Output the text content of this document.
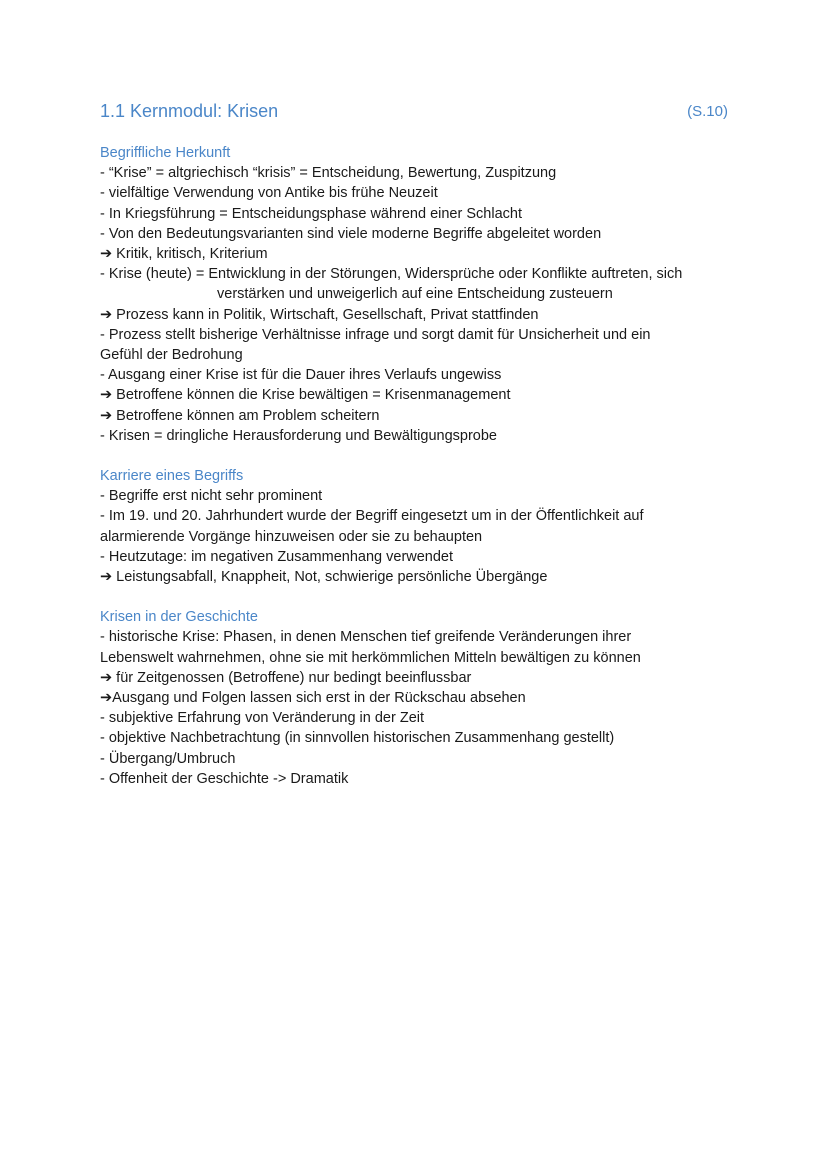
1.1 Kernmodul: Krisen	(S.10)
Begriffliche Herkunft
- “Krise” = altgriechisch “krisis” = Entscheidung, Bewertung, Zuspitzung
- vielfältige Verwendung von Antike bis frühe Neuzeit
- In Kriegsführung = Entscheidungsphase während einer Schlacht
- Von den Bedeutungsvarianten sind viele moderne Begriffe abgeleitet worden
➔ Kritik, kritisch, Kriterium
- Krise (heute) = Entwicklung in der Störungen, Widersprüche oder Konflikte auftreten, sich
verstärken und unweigerlich auf eine Entscheidung zusteuern
➔ Prozess kann in Politik, Wirtschaft, Gesellschaft, Privat stattfinden
- Prozess stellt bisherige Verhältnisse infrage und sorgt damit für Unsicherheit und ein
Gefühl der Bedrohung
- Ausgang einer Krise ist für die Dauer ihres Verlaufs ungewiss
➔ Betroffene können die Krise bewältigen = Krisenmanagement
➔ Betroffene können am Problem scheitern
- Krisen = dringliche Herausforderung und Bewältigungsprobe
Karriere eines Begriffs
- Begriffe erst nicht sehr prominent
- Im 19. und 20. Jahrhundert wurde der Begriff eingesetzt um in der Öffentlichkeit auf
alarmierende Vorgänge hinzuweisen oder sie zu behaupten
- Heutzutage: im negativen Zusammenhang verwendet
➔ Leistungsabfall, Knappheit, Not, schwierige persönliche Übergänge
Krisen in der Geschichte
- historische Krise: Phasen, in denen Menschen tief greifende Veränderungen ihrer
Lebenswelt wahrnehmen, ohne sie mit herkömmlichen Mitteln bewältigen zu können
➔ für Zeitgenossen (Betroffene) nur bedingt beeinflussbar
➔Ausgang und Folgen lassen sich erst in der Rückschau absehen
- subjektive Erfahrung von Veränderung in der Zeit
- objektive Nachbetrachtung (in sinnvollen historischen Zusammenhang gestellt)
- Übergang/Umbruch
- Offenheit der Geschichte -> Dramatik
